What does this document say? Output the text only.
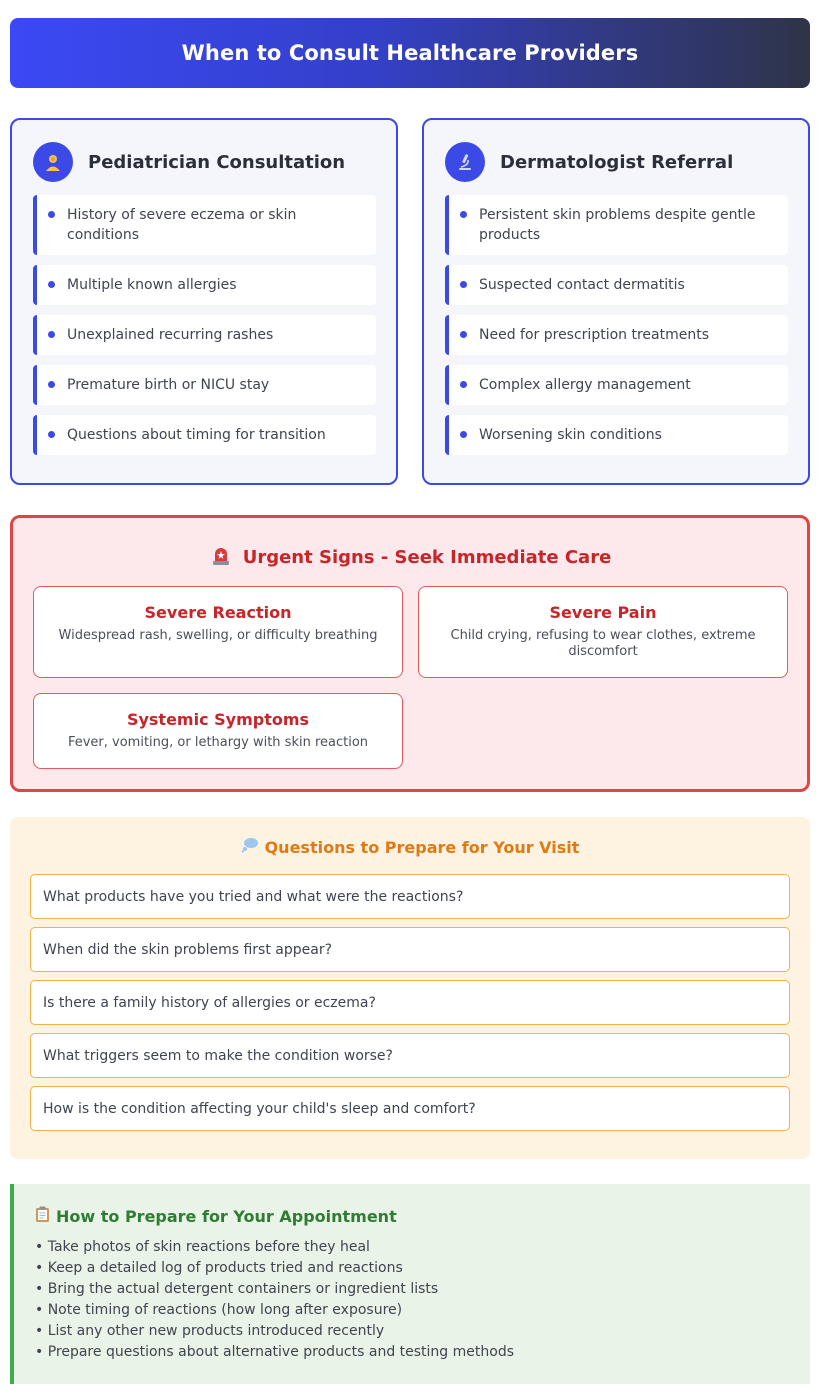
When to Consult Healthcare Providers
Pediatrician Consultation
History of severe eczema or skin conditions
Multiple known allergies
Unexplained recurring rashes
Premature birth or NICU stay
Questions about timing for transition
Dermatologist Referral
Persistent skin problems despite gentle products
Suspected contact dermatitis
Need for prescription treatments
Complex allergy management
Worsening skin conditions
Urgent Signs - Seek Immediate Care
Severe Reaction

Widespread rash, swelling, or difficulty breathing

Severe Pain

Child crying, refusing to wear clothes, extreme discomfort

Systemic Symptoms

Fever, vomiting, or lethargy with skin reaction

Questions to Prepare for Your Visit
What products have you tried and what were the reactions?
When did the skin problems first appear?
Is there a family history of allergies or eczema?
What triggers seem to make the condition worse?
How is the condition affecting your child's sleep and comfort?
How to Prepare for Your Appointment
• Take photos of skin reactions before they heal
• Keep a detailed log of products tried and reactions
• Bring the actual detergent containers or ingredient lists
• Note timing of reactions (how long after exposure)
• List any other new products introduced recently
• Prepare questions about alternative products and testing methods
